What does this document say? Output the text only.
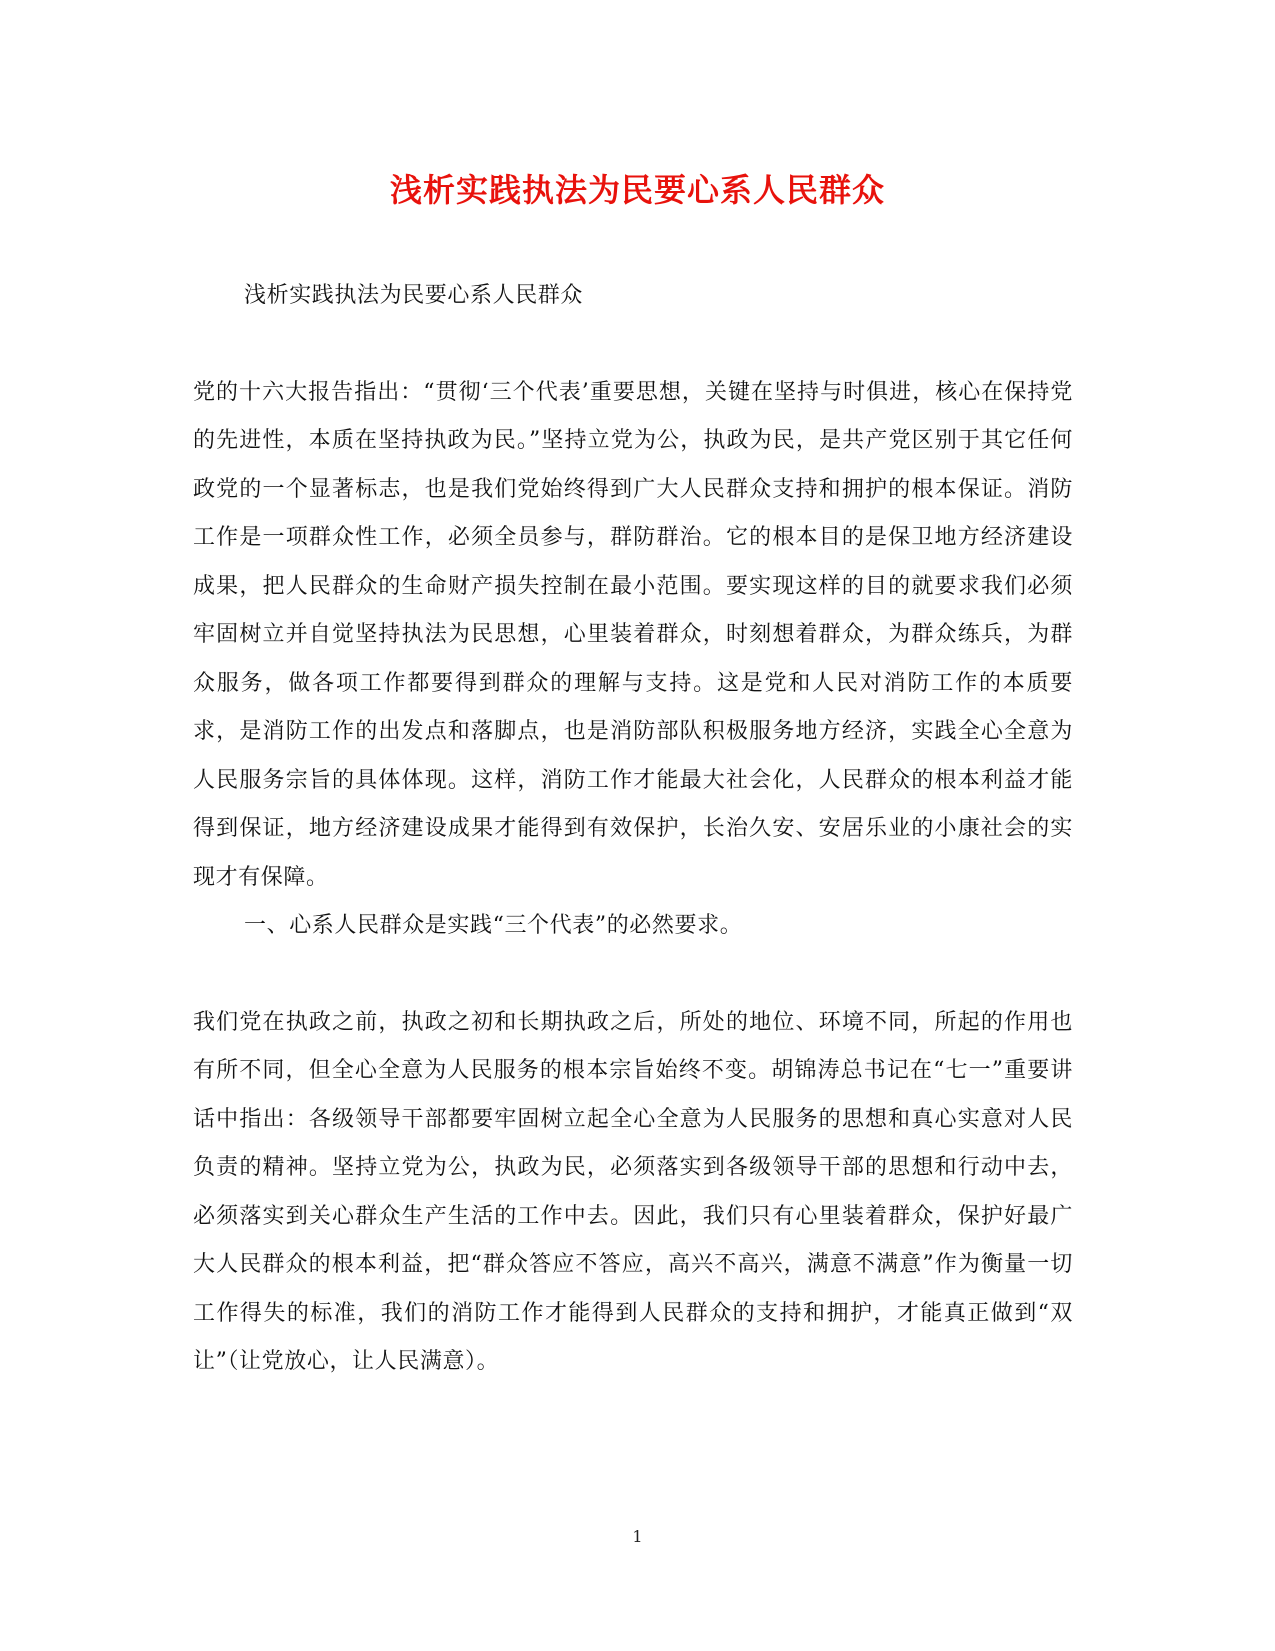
浅析实践执法为民要心系人民群众

浅析实践执法为民要心系人民群众

党的十六大报告指出：“贯彻‘三个代表’重要思想，关键在坚持与时俱进，核心在保持党的先进性，本质在坚持执政为民。”坚持立党为公，执政为民，是共产党区别于其它任何政党的一个显著标志，也是我们党始终得到广大人民群众支持和拥护的根本保证。消防工作是一项群众性工作，必须全员参与，群防群治。它的根本目的是保卫地方经济建设成果，把人民群众的生命财产损失控制在最小范围。要实现这样的目的就要求我们必须牢固树立并自觉坚持执法为民思想，心里装着群众，时刻想着群众，为群众练兵，为群众服务，做各项工作都要得到群众的理解与支持。这是党和人民对消防工作的本质要求，是消防工作的出发点和落脚点，也是消防部队积极服务地方经济，实践全心全意为人民服务宗旨的具体体现。这样，消防工作才能最大社会化，人民群众的根本利益才能得到保证，地方经济建设成果才能得到有效保护，长治久安、安居乐业的小康社会的实现才有保障。

一、心系人民群众是实践“三个代表”的必然要求。

我们党在执政之前，执政之初和长期执政之后，所处的地位、环境不同，所起的作用也有所不同，但全心全意为人民服务的根本宗旨始终不变。胡锦涛总书记在“七一”重要讲话中指出：各级领导干部都要牢固树立起全心全意为人民服务的思想和真心实意对人民负责的精神。坚持立党为公，执政为民，必须落实到各级领导干部的思想和行动中去，必须落实到关心群众生产生活的工作中去。因此，我们只有心里装着群众，保护好最广大人民群众的根本利益，把“群众答应不答应，高兴不高兴，满意不满意”作为衡量一切工作得失的标准，我们的消防工作才能得到人民群众的支持和拥护，才能真正做到“双让”（让党放心，让人民满意）。

1
